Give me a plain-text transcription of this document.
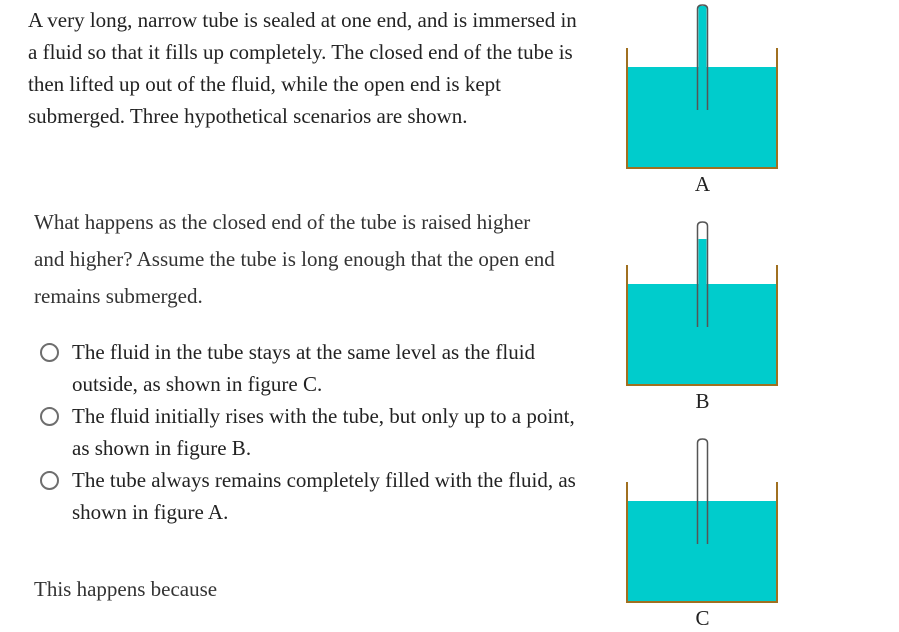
A very long, narrow tube is sealed at one end, and is immersed in a fluid so that it fills up completely. The closed end of the tube is then lifted up out of the fluid, while the open end is kept submerged. Three hypothetical scenarios are shown.

What happens as the closed end of the tube is raised higher and higher? Assume the tube is long enough that the open end remains submerged.

The fluid in the tube stays at the same level as the fluid outside, as shown in figure C.
The fluid initially rises with the tube, but only up to a point, as shown in figure B.
The tube always remains completely filled with the fluid, as shown in figure A.

This happens because

A
B
C
